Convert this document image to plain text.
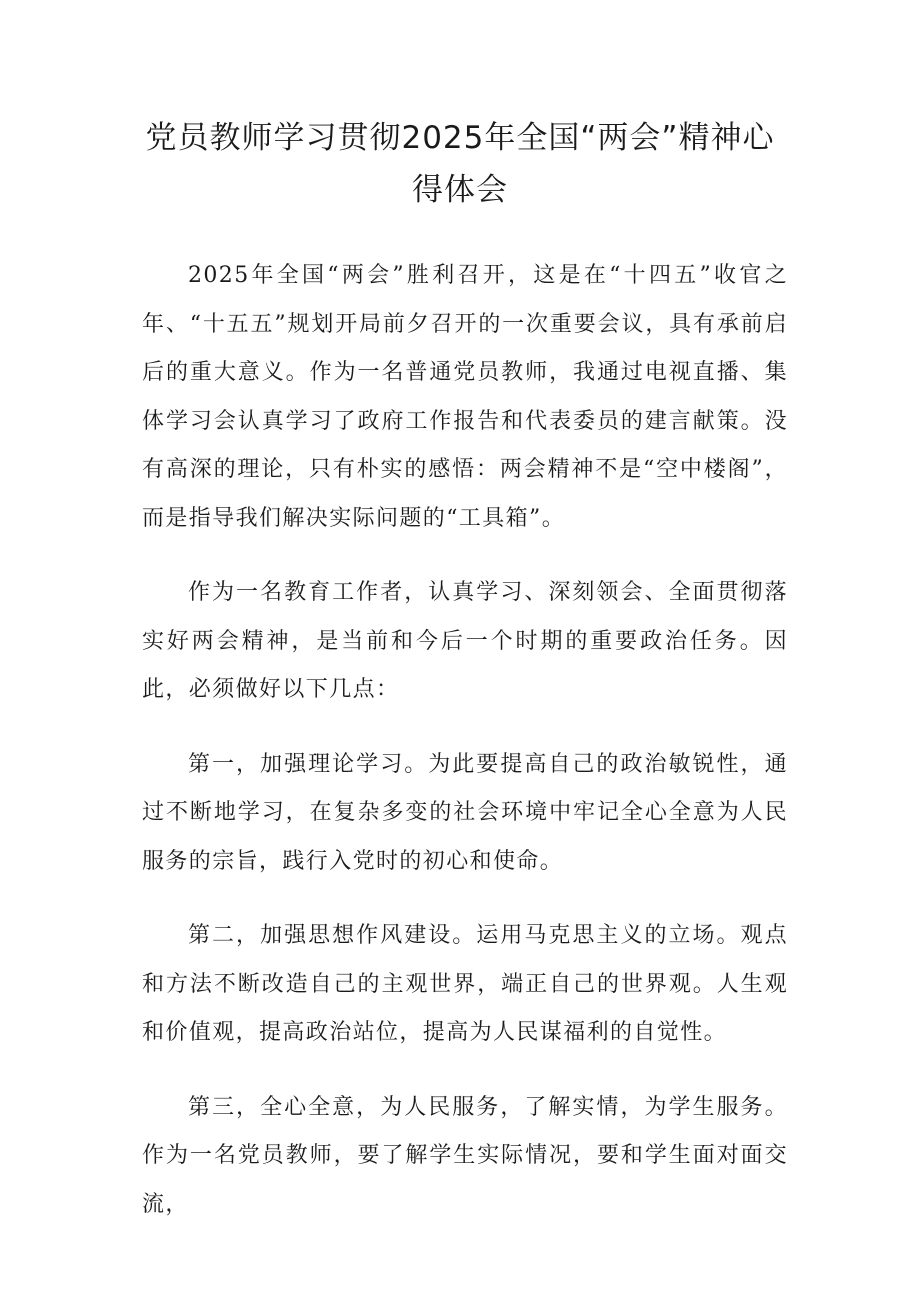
党员教师学习贯彻2025年全国“两会”精神心得体会

2025年全国“两会”胜利召开，这是在“十四五”收官之年、“十五五”规划开局前夕召开的一次重要会议，具有承前启后的重大意义。作为一名普通党员教师，我通过电视直播、集体学习会认真学习了政府工作报告和代表委员的建言献策。没有高深的理论，只有朴实的感悟：两会精神不是“空中楼阁”，而是指导我们解决实际问题的“工具箱”。

作为一名教育工作者，认真学习、深刻领会、全面贯彻落实好两会精神，是当前和今后一个时期的重要政治任务。因此，必须做好以下几点：

第一，加强理论学习。为此要提高自己的政治敏锐性，通过不断地学习，在复杂多变的社会环境中牢记全心全意为人民服务的宗旨，践行入党时的初心和使命。

第二，加强思想作风建设。运用马克思主义的立场。观点和方法不断改造自己的主观世界，端正自己的世界观。人生观和价值观，提高政治站位，提高为人民谋福利的自觉性。

第三，全心全意，为人民服务，了解实情，为学生服务。作为一名党员教师，要了解学生实际情况，要和学生面对面交流，
